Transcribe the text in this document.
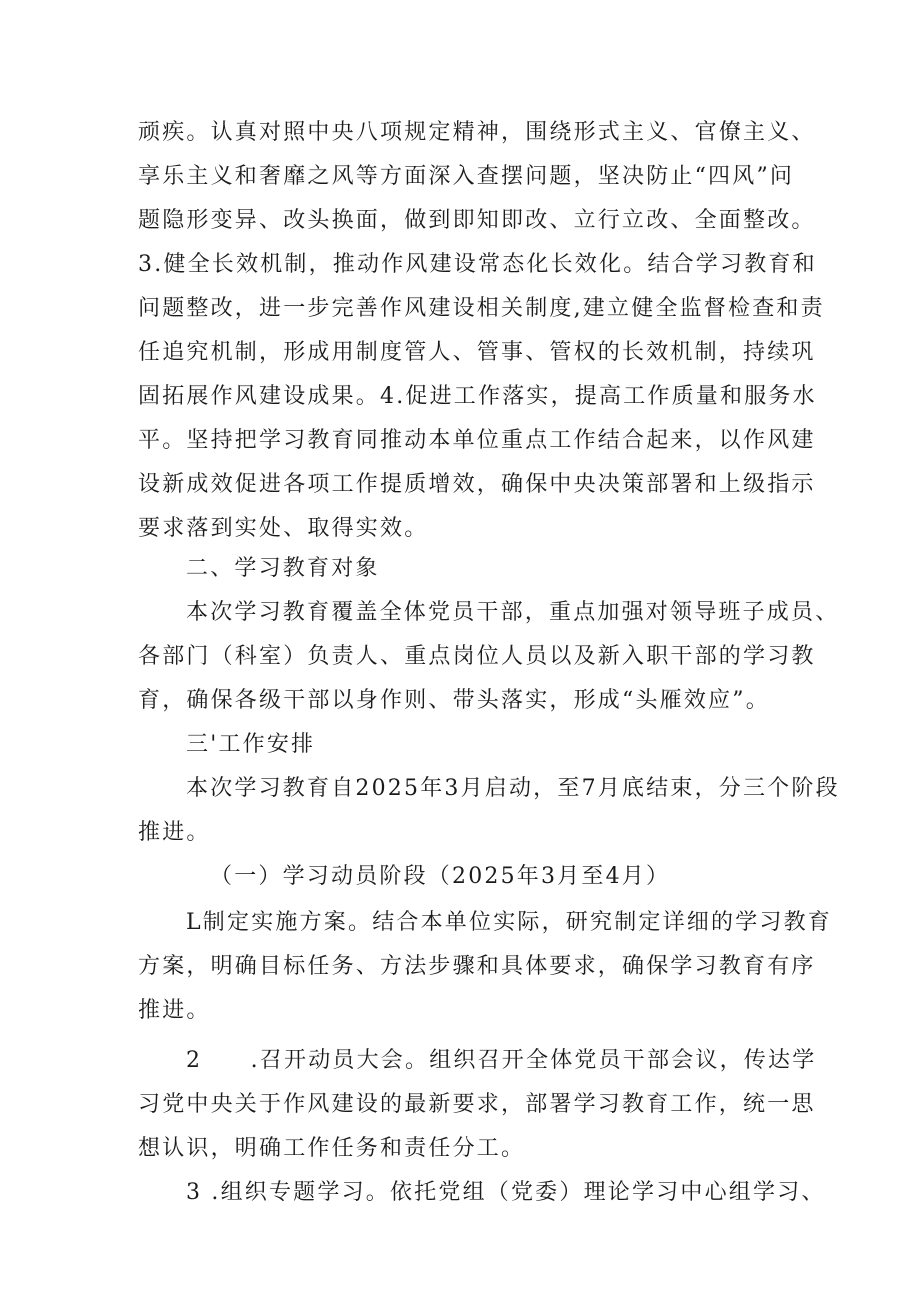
顽疾。认真对照中央八项规定精神，围绕形式主义、官僚主义、
享乐主义和奢靡之风等方面深入查摆问题，坚决防止“四风”问
题隐形变异、改头换面，做到即知即改、立行立改、全面整改。
3.健全长效机制，推动作风建设常态化长效化。结合学习教育和
问题整改，进一步完善作风建设相关制度,建立健全监督检查和责
任追究机制，形成用制度管人、管事、管权的长效机制，持续巩
固拓展作风建设成果。4.促进工作落实，提高工作质量和服务水
平。坚持把学习教育同推动本单位重点工作结合起来，以作风建
设新成效促进各项工作提质增效，确保中央决策部署和上级指示
要求落到实处、取得实效。
二、学习教育对象
本次学习教育覆盖全体党员干部，重点加强对领导班子成员、
各部门（科室）负责人、重点岗位人员以及新入职干部的学习教
育，确保各级干部以身作则、带头落实，形成“头雁效应”。
三'工作安排
本次学习教育自2025年3月启动，至7月底结束，分三个阶段
推进。
（一）学习动员阶段（2025年3月至4月）
L制定实施方案。结合本单位实际，研究制定详细的学习教育
方案，明确目标任务、方法步骤和具体要求，确保学习教育有序
推进。
2　　.召开动员大会。组织召开全体党员干部会议，传达学
习党中央关于作风建设的最新要求，部署学习教育工作，统一思
想认识，明确工作任务和责任分工。
3 .组织专题学习。依托党组（党委）理论学习中心组学习、
